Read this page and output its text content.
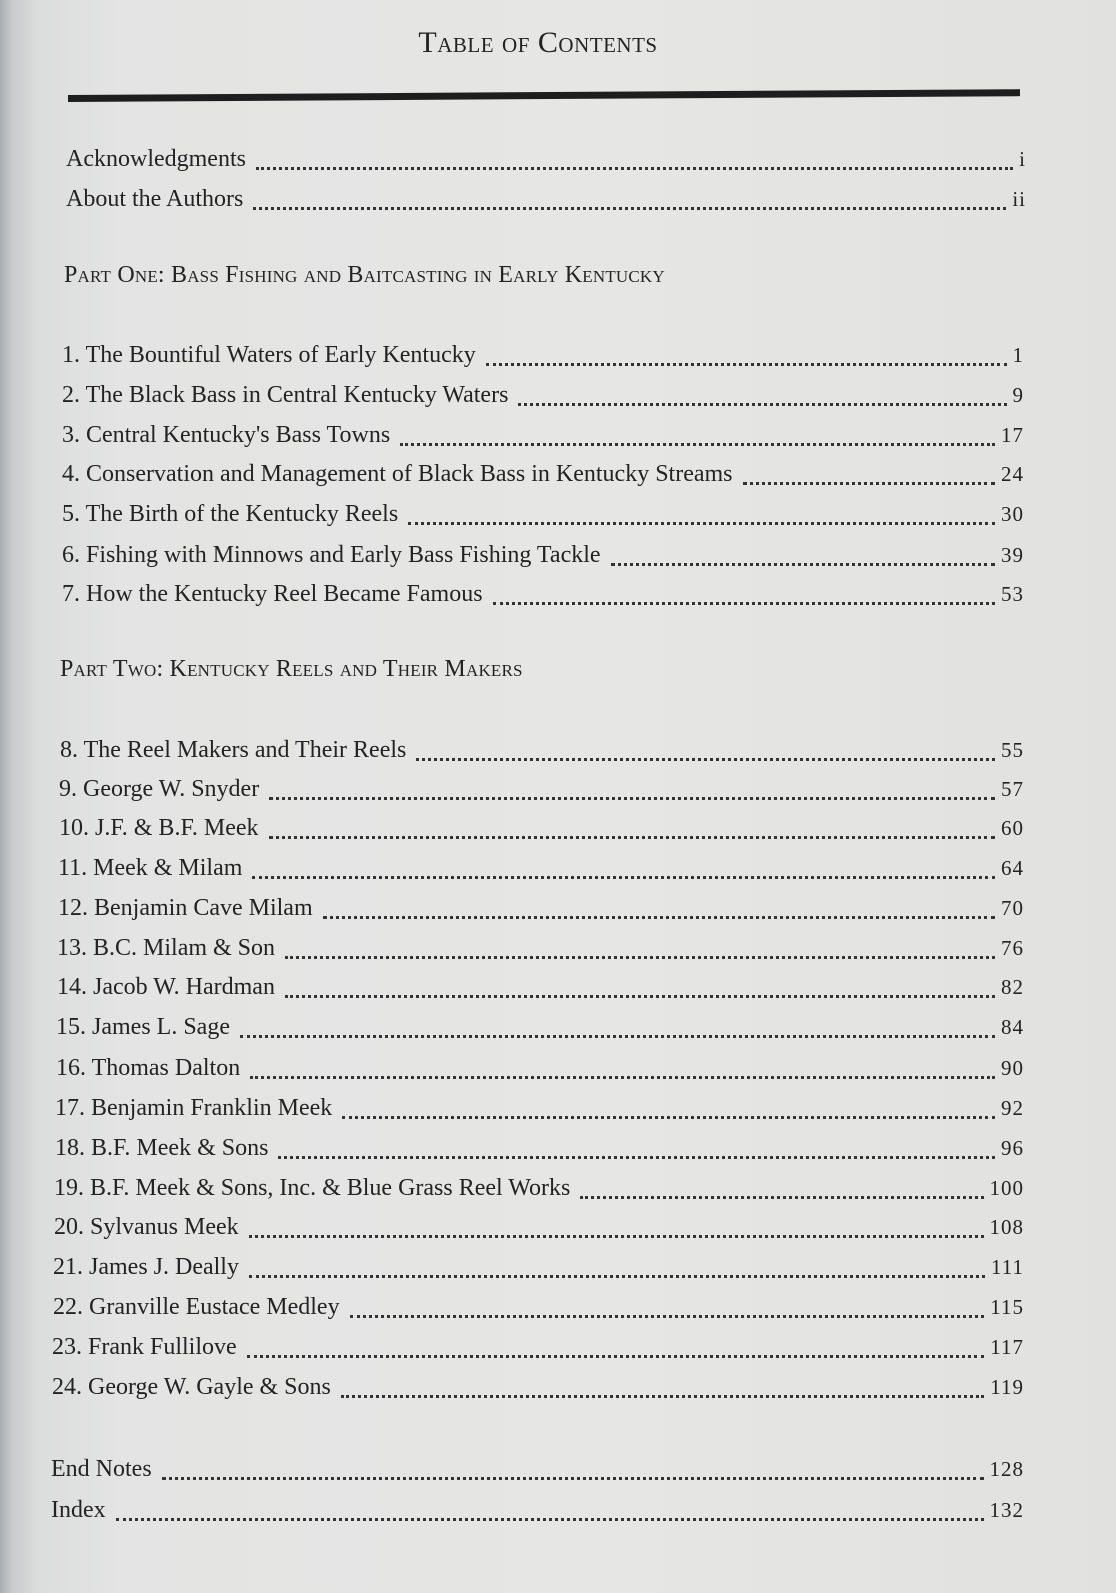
Table of Contents
Acknowledgments	i
About the Authors	ii
Part One: Bass Fishing and Baitcasting in Early Kentucky
1. The Bountiful Waters of Early Kentucky	1
2. The Black Bass in Central Kentucky Waters	9
3. Central Kentucky's Bass Towns	17
4. Conservation and Management of Black Bass in Kentucky Streams	24
5. The Birth of the Kentucky Reels	30
6. Fishing with Minnows and Early Bass Fishing Tackle	39
7. How the Kentucky Reel Became Famous	53
Part Two: Kentucky Reels and Their Makers
8. The Reel Makers and Their Reels	55
9. George W. Snyder	57
10. J.F. & B.F. Meek	60
11. Meek & Milam	64
12. Benjamin Cave Milam	70
13. B.C. Milam & Son	76
14. Jacob W. Hardman	82
15. James L. Sage	84
16. Thomas Dalton	90
17. Benjamin Franklin Meek	92
18. B.F. Meek & Sons	96
19. B.F. Meek & Sons, Inc. & Blue Grass Reel Works	100
20. Sylvanus Meek	108
21. James J. Deally	111
22. Granville Eustace Medley	115
23. Frank Fullilove	117
24. George W. Gayle & Sons	119
End Notes	128
Index	132
